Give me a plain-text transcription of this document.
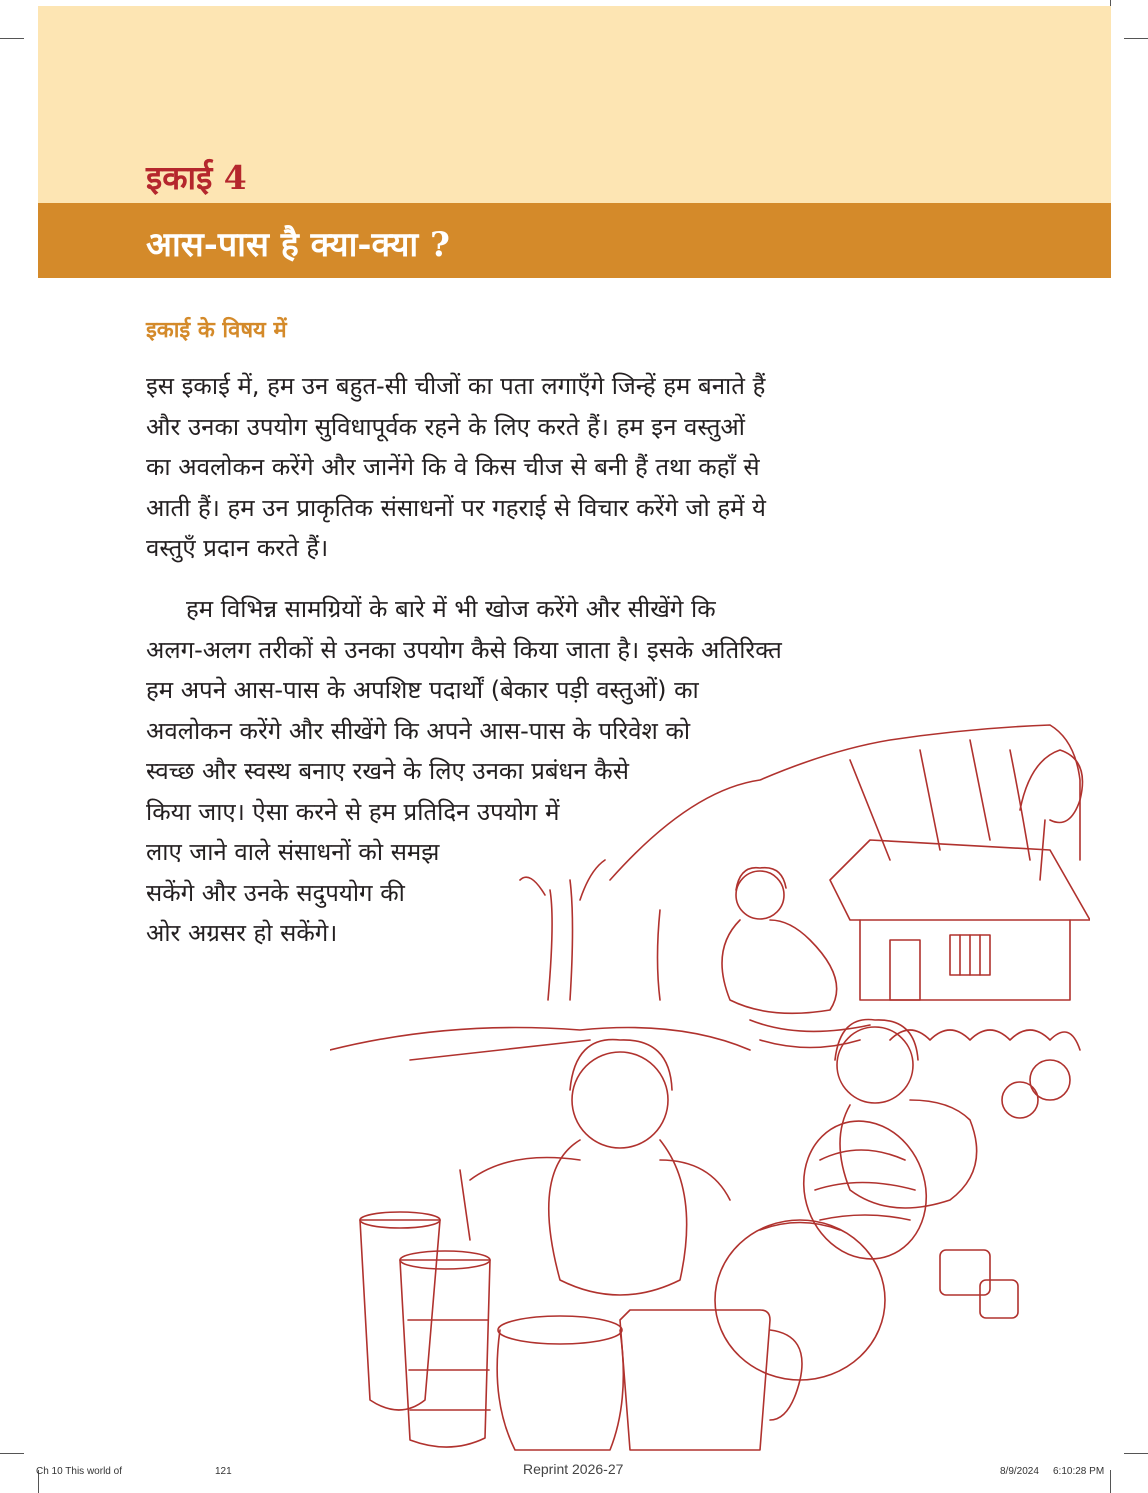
इकाई 4
आस-पास है क्या-क्या ?
इकाई के विषय में
इस इकाई में, हम उन बहुत-सी चीजों का पता लगाएँगे जिन्हें हम बनाते हैं
और उनका उपयोग सुविधापूर्वक रहने के लिए करते हैं। हम इन वस्तुओं
का अवलोकन करेंगे और जानेंगे कि वे किस चीज से बनी हैं तथा कहाँ से
आती हैं। हम उन प्राकृतिक संसाधनों पर गहराई से विचार करेंगे जो हमें ये
वस्तुएँ प्रदान करते हैं।
हम विभिन्न सामग्रियों के बारे में भी खोज करेंगे और सीखेंगे कि
अलग-अलग तरीकों से उनका उपयोग कैसे किया जाता है। इसके अतिरिक्त
हम अपने आस-पास के अपशिष्ट पदार्थों (बेकार पड़ी वस्तुओं) का
अवलोकन करेंगे और सीखेंगे कि अपने आस-पास के परिवेश को
स्वच्छ और स्वस्थ बनाए रखने के लिए उनका प्रबंधन कैसे
किया जाए। ऐसा करने से हम प्रतिदिन उपयोग में
लाए जाने वाले संसाधनों को समझ
सकेंगे और उनके सदुपयोग की
ओर अग्रसर हो सकेंगे।
Ch 10 This world of	121	Reprint 2026-27	8/9/2024 6:10:28 PM
